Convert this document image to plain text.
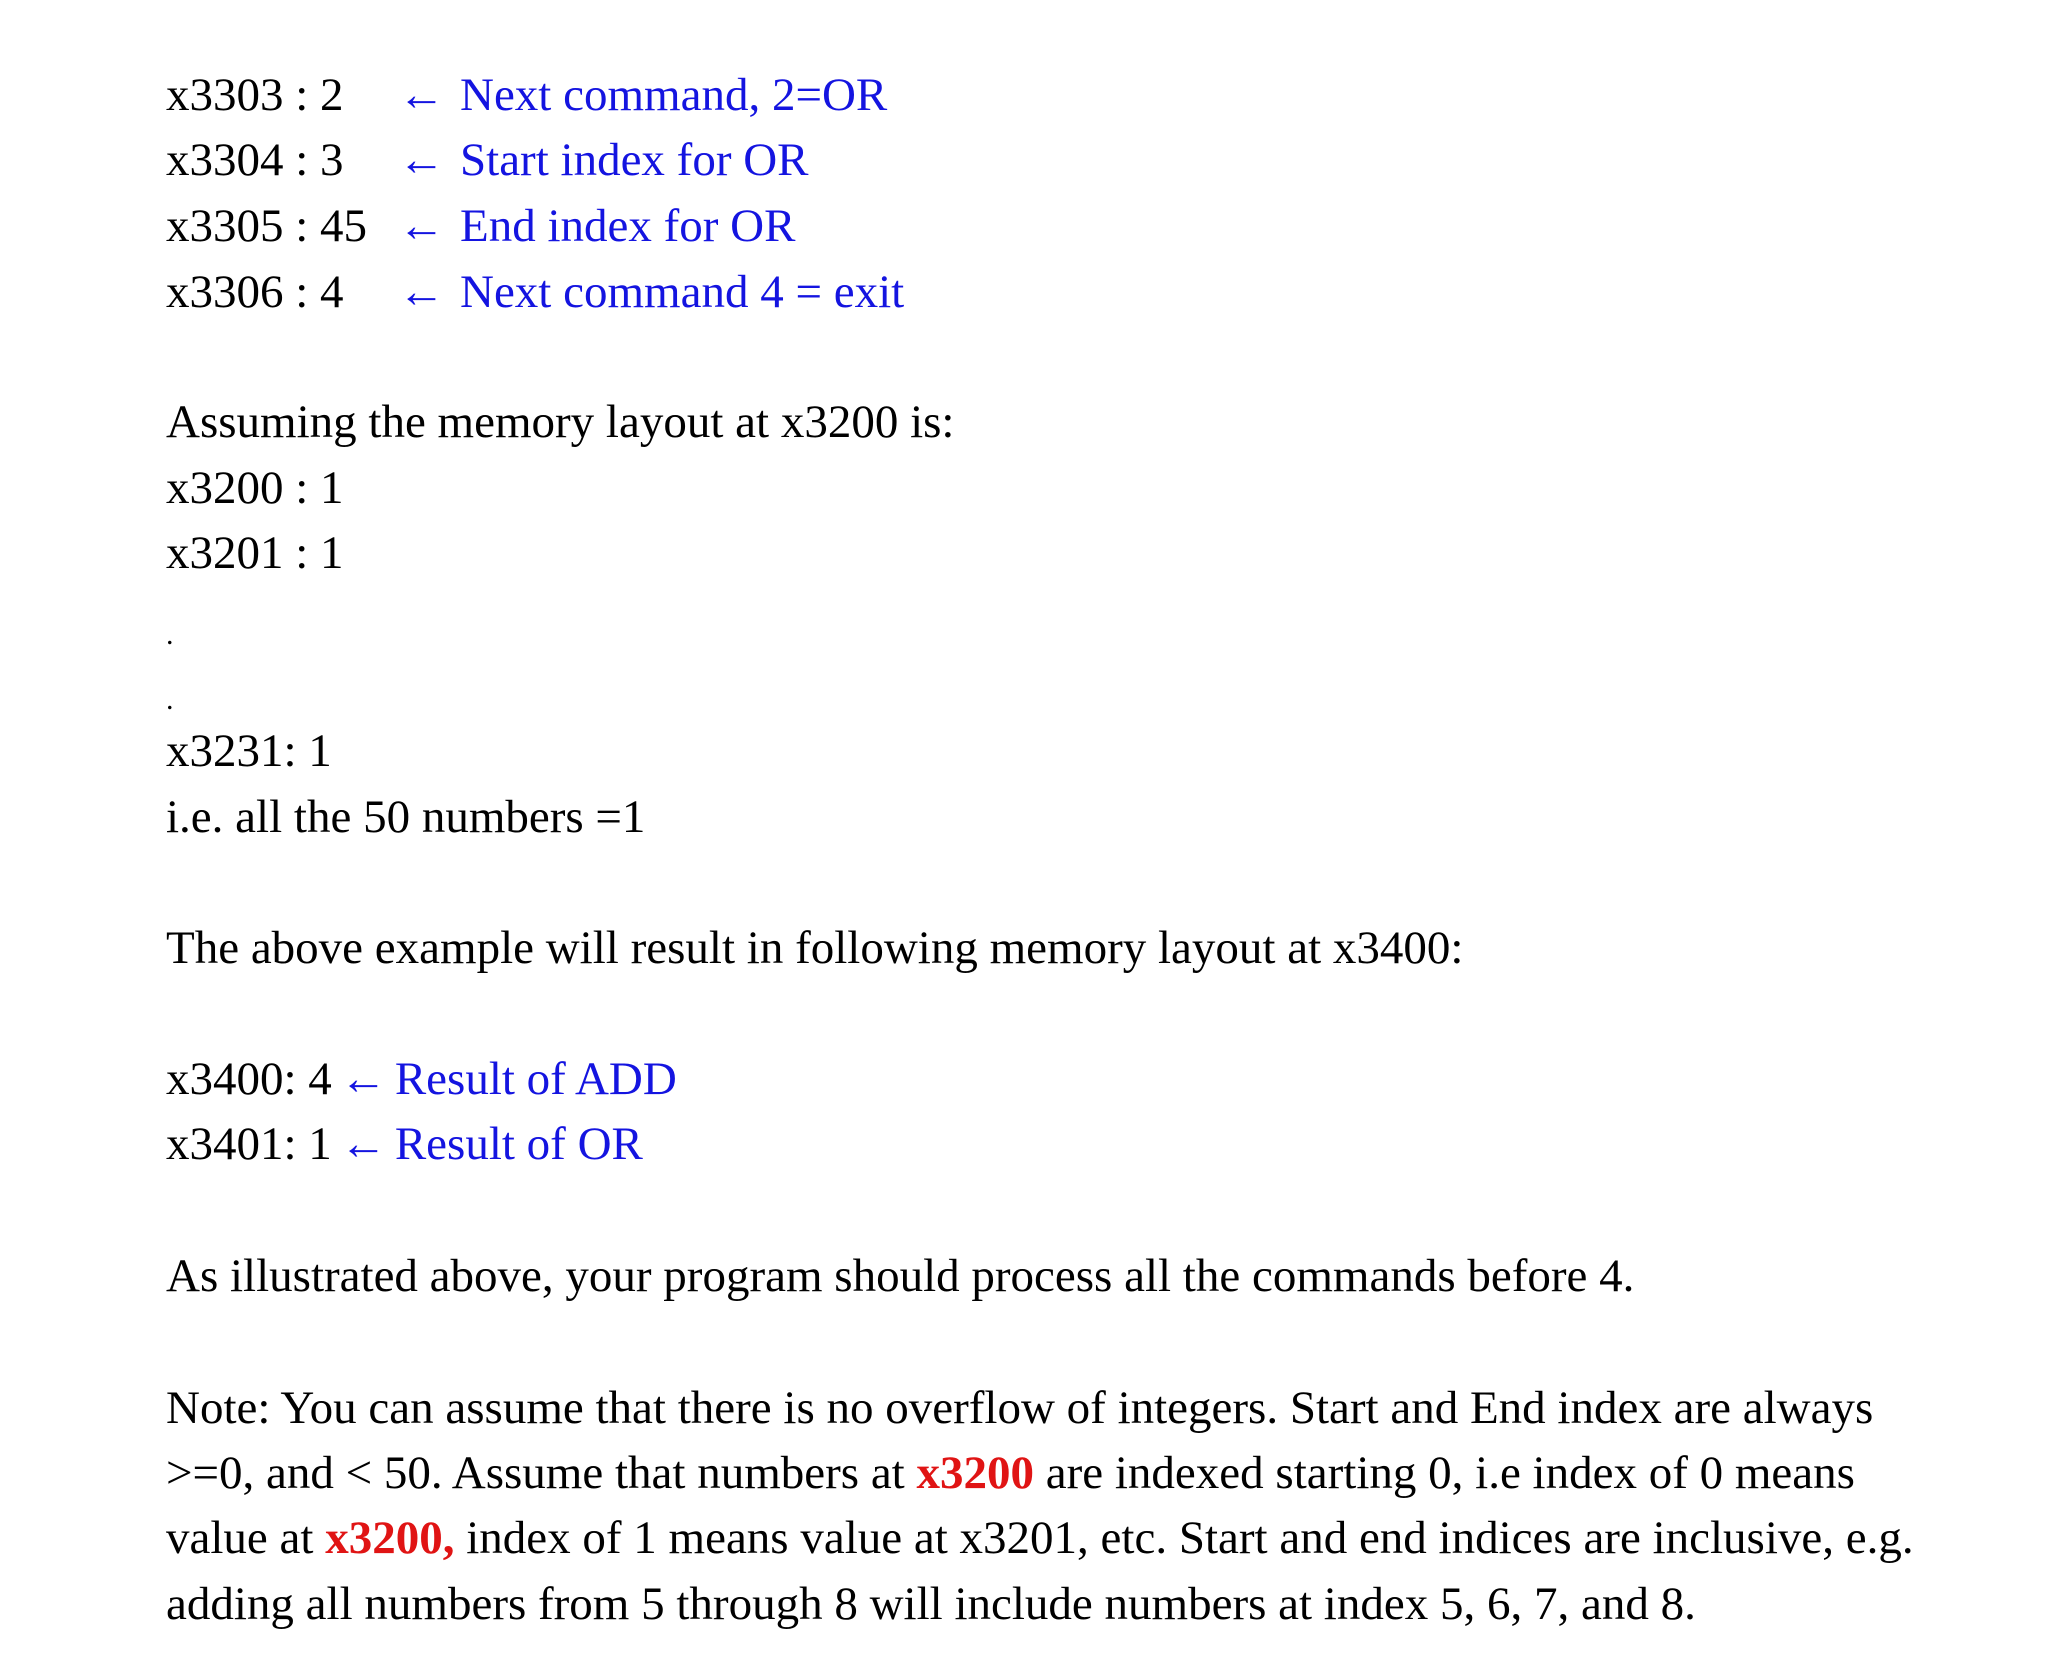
x3303 : 2 ← Next command, 2=OR
x3304 : 3 ← Start index for OR
x3305 : 45 ← End index for OR
x3306 : 4 ← Next command 4 = exit
Assuming the memory layout at x3200 is:
x3200 : 1
x3201 : 1
.
.
x3231: 1
i.e. all the 50 numbers =1
The above example will result in following memory layout at x3400:
x3400: 4 ← Result of ADD
x3401: 1 ← Result of OR
As illustrated above, your program should process all the commands before 4.
Note: You can assume that there is no overflow of integers. Start and End index are always
>=0, and < 50. Assume that numbers at x3200 are indexed starting 0, i.e index of 0 means
value at x3200, index of 1 means value at x3201, etc. Start and end indices are inclusive, e.g.
adding all numbers from 5 through 8 will include numbers at index 5, 6, 7, and 8.
